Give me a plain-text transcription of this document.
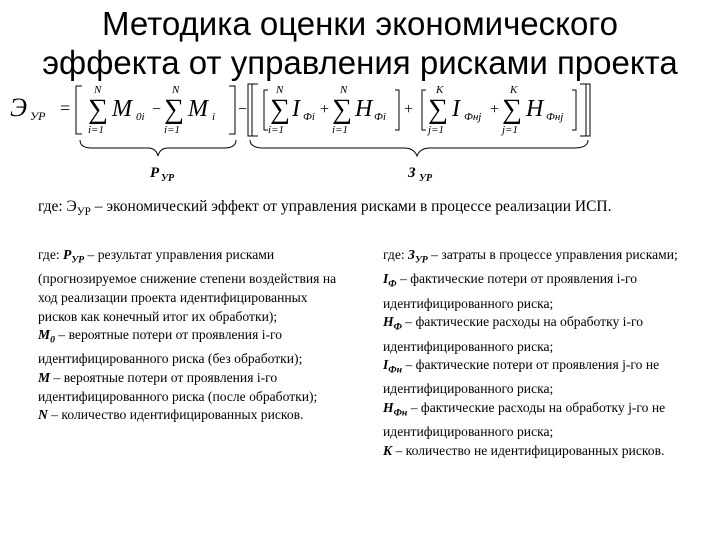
Методика оценки экономического
эффекта от управления рисками проекта
Э УР = ∑
N
i=1
M 0i − ∑
N
i=1
M i − ∑
N
i=1
I Фi + ∑
N
i=1
H Фi + ∑
K
j=1
I Фнj + ∑
K
j=1
H Фнj
Р УР	З УР
где: $Э_{УР}$ – экономический эффект от управления рисками в процессе реализации ИСП.
где: $Р_{УР}$ – результат управления рисками (прогнозируемое снижение степени воздействия на ход реализации проекта идентифицированных рисков как конечный итог их обработки);
$M_0$ – вероятные потери от проявления i-го идентифицированного риска (без обработки);
M – вероятные потери от проявления i-го идентифицированного риска (после обработки);
N – количество идентифицированных рисков.
где: $З_{УР}$ – затраты в процессе управления рисками;
$I_Ф$ – фактические потери от проявления i-го идентифицированного риска;
$H_Ф$ – фактические расходы на обработку i-го идентифицированного риска;
$I_{Фн}$ – фактические потери от проявления j-го не идентифицированного риска;
$H_{Фн}$ – фактические расходы на обработку j-го не идентифицированного риска;
K – количество не идентифицированных рисков.
